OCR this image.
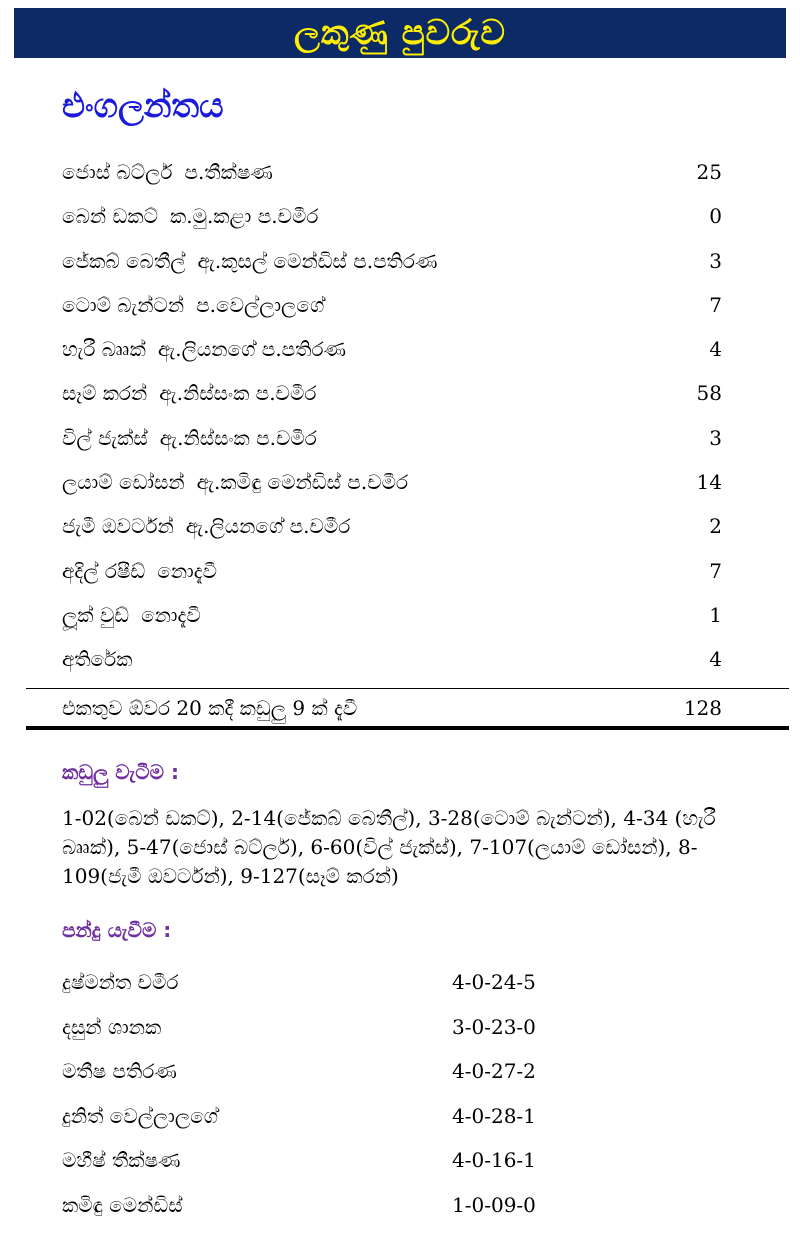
ලකුණු පුවරුව
එංගලන්තය
ජොස් බට්ලර් ප.තීක්ෂණ	25
බෙන් ඩකට් ක.මු.කළා ප.චමීර	0
ජේකබ් බෙතීල් ඇ.කුසල් මෙන්ඩිස් ප.පතිරණ	3
ටොම් බැන්ටන් ප.වෙල්ලාලගේ	7
හැරී බෲක් ඇ.ලියනගේ ප.පතිරණ	4
සෑම් කරන් ඇ.නිස්සංක ප.චමීර	58
විල් ජැක්ස් ඇ.නිස්සංක ප.චමීර	3
ලයාම් ඩෝසන් ඇ.කමිඳු මෙන්ඩිස් ප.චමීර	14
ජැමී ඔවර්ටන් ඇ.ලියනගේ ප.චමීර	2
අදිල් රෂීඩ් නොදැවී	7
ලූක් වුඩ් නොදැවී	1
අතිරේක	4
එකතුව ඕවර 20 කදී කඩුලු 9 ක් දැවී	128
කඩුලු වැටීම :
1-02(බෙන් ඩකට්), 2-14(ජේකබ් බෙතීල්), 3-28(ටොම් බැන්ටන්), 4-34 (හැරී බෲක්), 5-47(ජොස් බට්ලර්), 6-60(විල් ජැක්ස්), 7-107(ලයාම් ඩෝසන්), 8-109(ජැමී ඔවර්ටන්), 9-127(සෑම් කරන්)
පන්දු යැවීම :
දුෂ්මන්ත චමීර	4-0-24-5
දසුන් ශානක	3-0-23-0
මතීෂ පතිරණ	4-0-27-2
දුනිත් වෙල්ලාලගේ	4-0-28-1
මහීෂ් තීක්ෂණ	4-0-16-1
කමිඳු මෙන්ඩිස්	1-0-09-0
